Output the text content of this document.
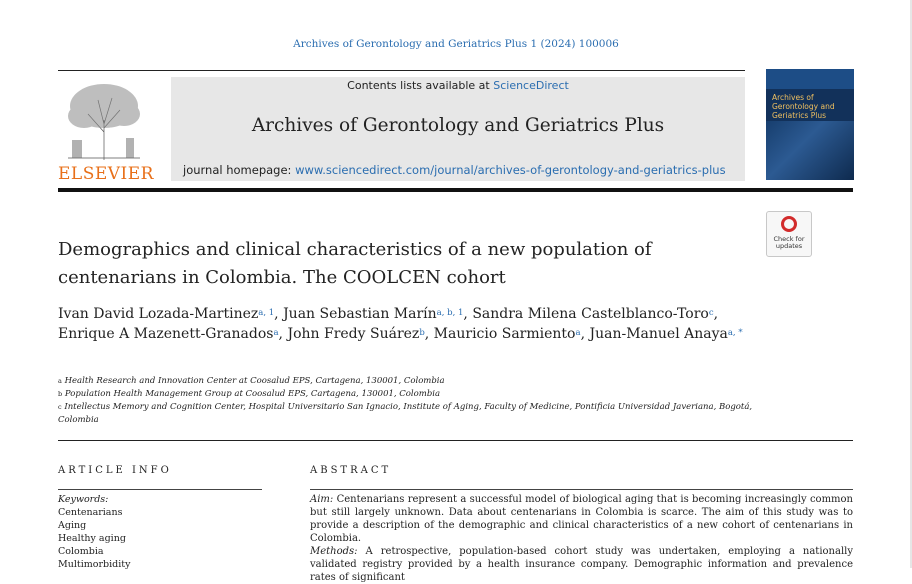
Archives of Gerontology and Geriatrics Plus 1 (2024) 100006
ELSEVIER
Contents lists available at ScienceDirect
Archives of Gerontology and Geriatrics Plus
journal homepage: www.sciencedirect.com/journal/archives-of-gerontology-and-geriatrics-plus
Archives of Gerontology and Geriatrics Plus
Check for updates
Demographics and clinical characteristics of a new population of centenarians in Colombia. The COOLCEN cohort
Ivan David Lozada-Martinez$^{a, 1}$, Juan Sebastian Marín$^{a, b, 1}$, Sandra Milena Castelblanco-Toro$^c$, Enrique A Mazenett-Granados$^a$, John Fredy Suárez$^b$, Mauricio Sarmiento$^a$, Juan-Manuel Anaya$^{a, *}$
$^a$ Health Research and Innovation Center at Coosalud EPS, Cartagena, 130001, Colombia
$^b$ Population Health Management Group at Coosalud EPS, Cartagena, 130001, Colombia
$^c$ Intellectus Memory and Cognition Center, Hospital Universitario San Ignacio, Institute of Aging, Faculty of Medicine, Pontificia Universidad Javeriana, Bogotá, Colombia
ARTICLE INFO
Keywords:
Centenarians
Aging
Healthy aging
Colombia
Multimorbidity
ABSTRACT
Aim: Centenarians represent a successful model of biological aging that is becoming increasingly common but still largely unknown. Data about centenarians in Colombia is scarce. The aim of this study was to provide a description of the demographic and clinical characteristics of a new cohort of centenarians in Colombia.
Methods: A retrospective, population-based cohort study was undertaken, employing a nationally validated registry provided by a health insurance company. Demographic information and prevalence rates of significant
